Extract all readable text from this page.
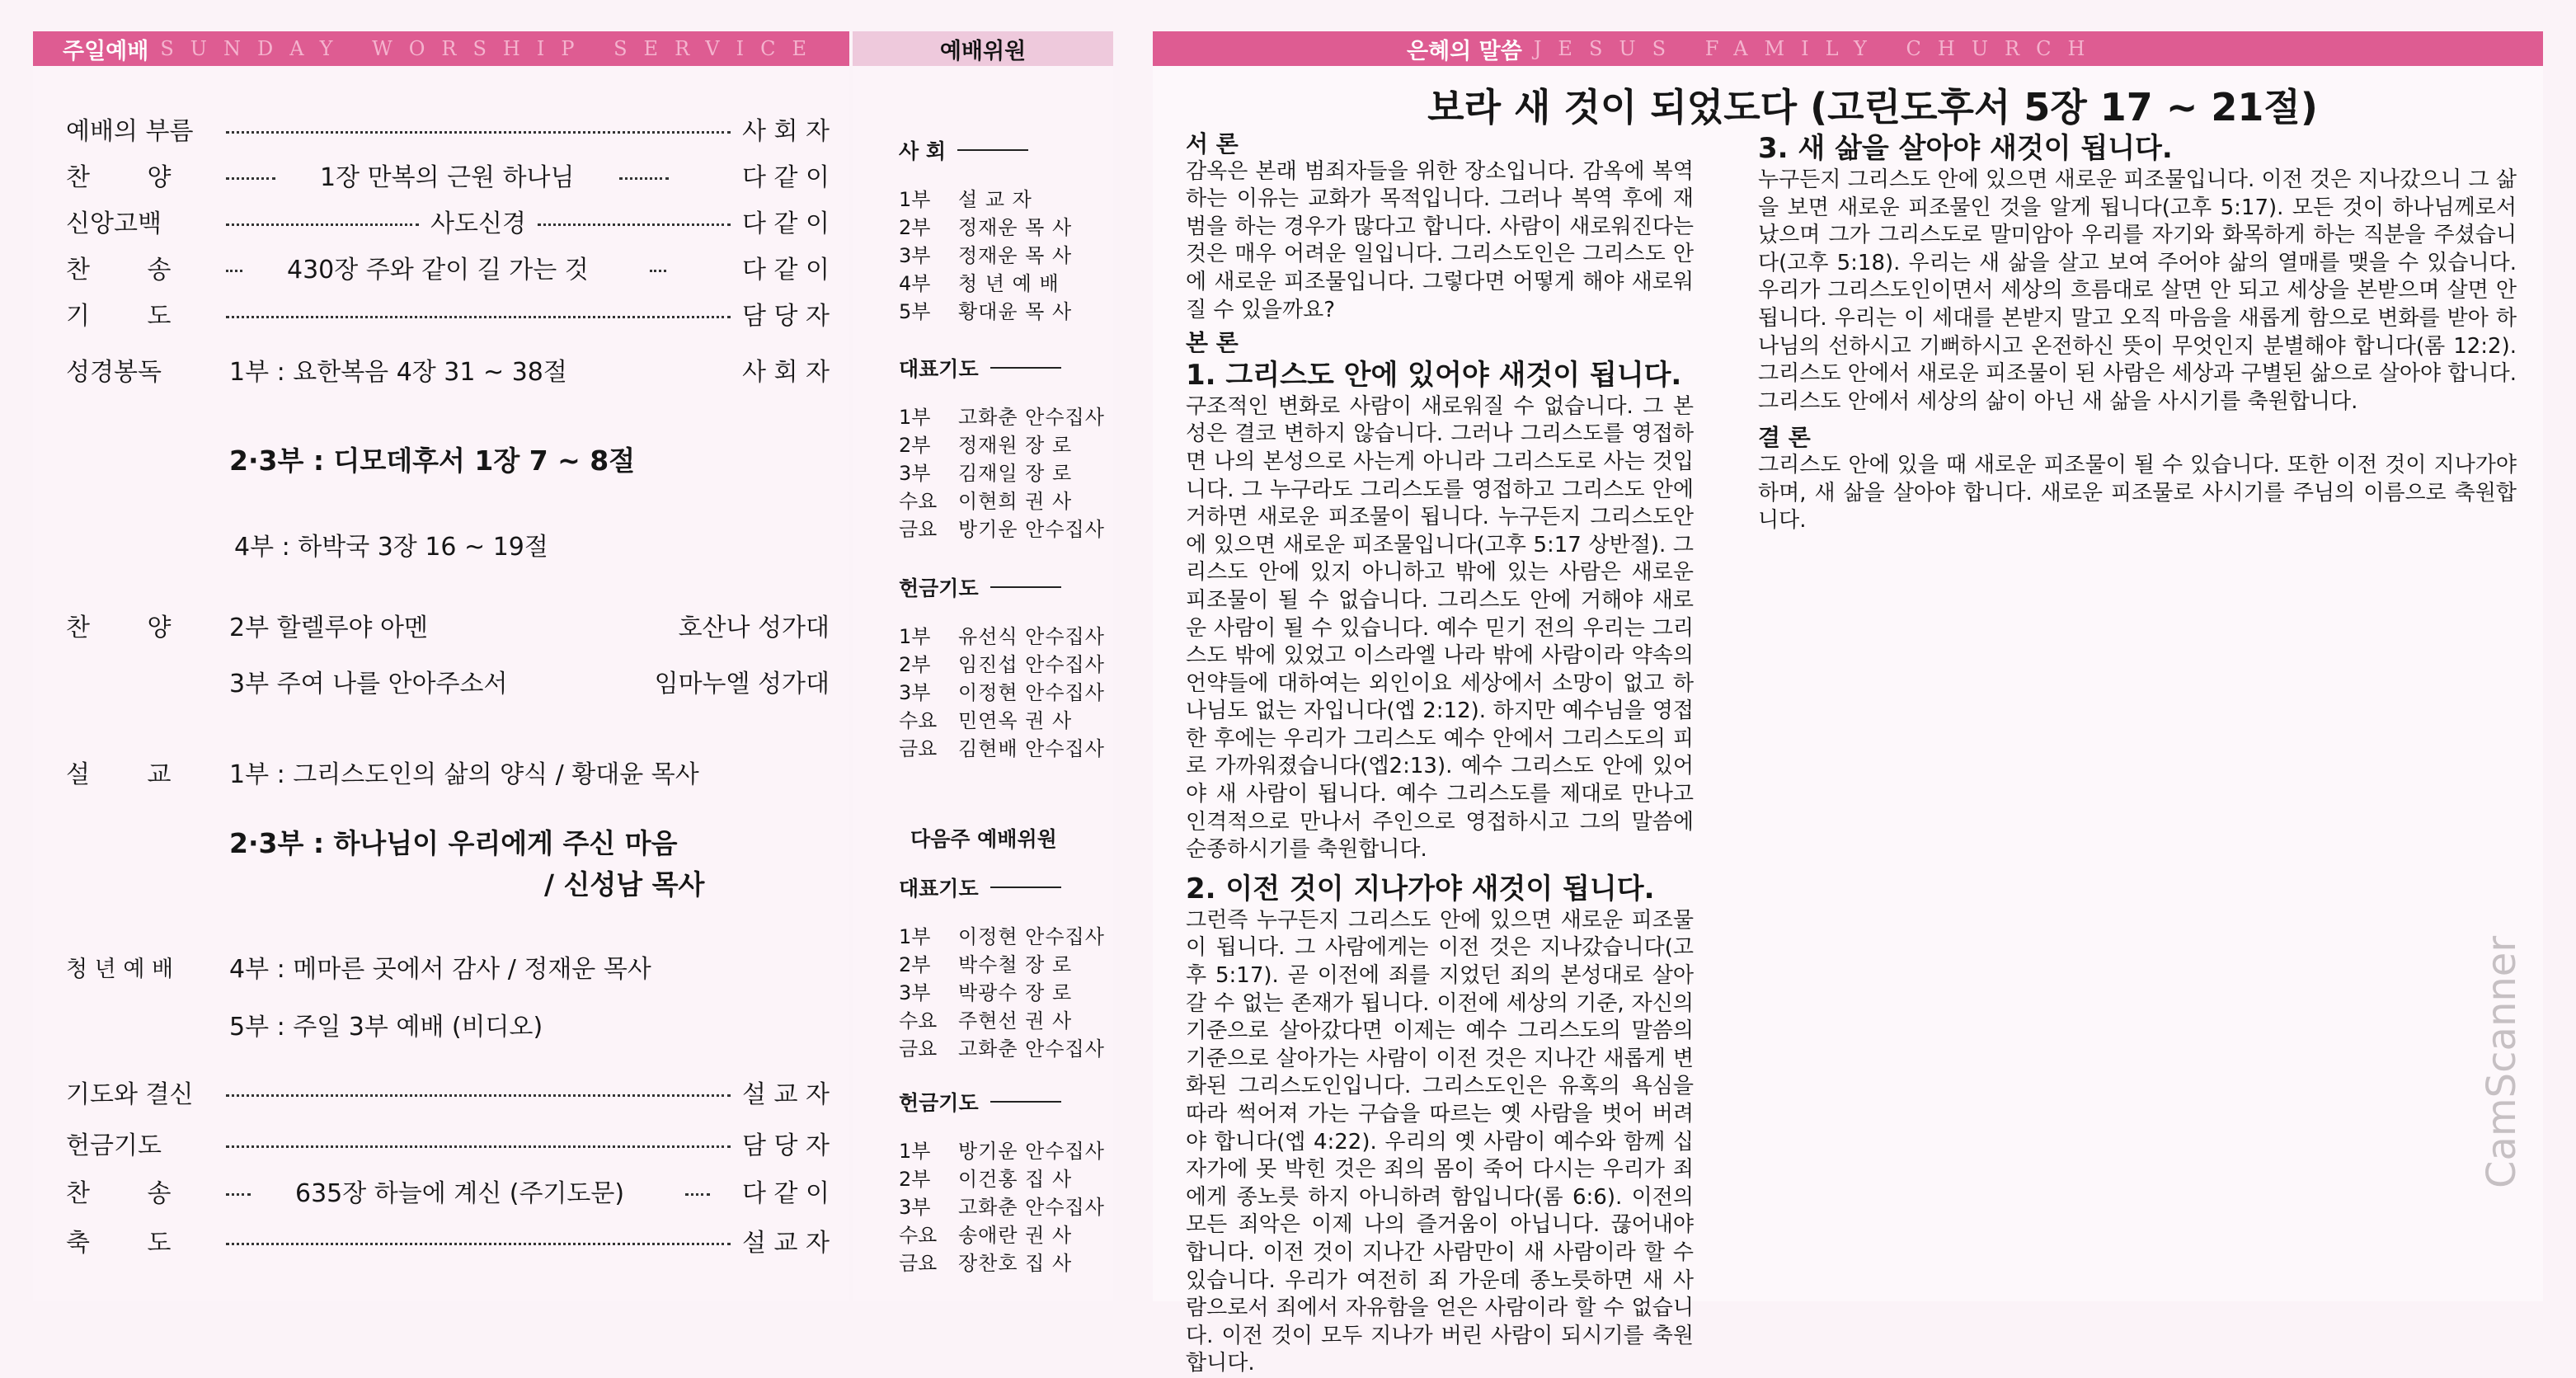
주일예배 SUNDAY WORSHIP SERVICE
예배의 부름	사 회 자
찬 양	1장 만복의 근원 하나님	다 같 이
신앙고백	사도신경	다 같 이
찬 송	430장 주와 같이 길 가는 것	다 같 이
기 도	담 당 자
성경봉독	1부 : 요한복음 4장 31 ~ 38절	사 회 자
2·3부 : 디모데후서 1장 7 ~ 8절
4부 : 하박국 3장 16 ~ 19절
찬 양	2부 할렐루야 아멘	호산나 성가대
3부 주여 나를 안아주소서	임마누엘 성가대
설 교	1부 : 그리스도인의 삶의 양식 / 황대윤 목사
2·3부 : 하나님이 우리에게 주신 마음
/ 신성남 목사
청 년 예 배	4부 : 메마른 곳에서 감사 / 정재운 목사
5부 : 주일 3부 예배 (비디오)
기도와 결신	설 교 자
헌금기도	담 당 자
찬 송	635장 하늘에 계신 (주기도문)	다 같 이
축 도	설 교 자
예배위원
사 회
1부	설 교 자
2부	정재운 목 사
3부	정재운 목 사
4부	청 년 예 배
5부	황대윤 목 사
대표기도
1부	고화춘 안수집사
2부	정재원 장 로
3부	김재일 장 로
수요	이현희 권 사
금요	방기운 안수집사
헌금기도
1부	유선식 안수집사
2부	임진섭 안수집사
3부	이정현 안수집사
수요	민연옥 권 사
금요	김현배 안수집사
다음주 예배위원
대표기도
1부	이정현 안수집사
2부	박수철 장 로
3부	박광수 장 로
수요	주현선 권 사
금요	고화춘 안수집사
헌금기도
1부	방기운 안수집사
2부	이건홍 집 사
3부	고화춘 안수집사
수요	송애란 권 사
금요	장찬호 집 사
은혜의 말씀 JESUS FAMILY CHURCH
보라 새 것이 되었도다 (고린도후서 5장 17 ~ 21절)

서 론

감옥은 본래 범죄자들을 위한 장소입니다. 감옥에 복역하는 이유는 교화가 목적입니다. 그러나 복역 후에 재범을 하는 경우가 많다고 합니다. 사람이 새로워진다는 것은 매우 어려운 일입니다. 그리스도인은 그리스도 안에 새로운 피조물입니다. 그렇다면 어떻게 해야 새로워질 수 있을까요?

본 론

1. 그리스도 안에 있어야 새것이 됩니다.

구조적인 변화로 사람이 새로워질 수 없습니다. 그 본성은 결코 변하지 않습니다. 그러나 그리스도를 영접하면 나의 본성으로 사는게 아니라 그리스도로 사는 것입니다. 그 누구라도 그리스도를 영접하고 그리스도 안에 거하면 새로운 피조물이 됩니다. 누구든지 그리스도안에 있으면 새로운 피조물입니다(고후 5:17 상반절). 그리스도 안에 있지 아니하고 밖에 있는 사람은 새로운 피조물이 될 수 없습니다. 그리스도 안에 거해야 새로운 사람이 될 수 있습니다. 예수 믿기 전의 우리는 그리스도 밖에 있었고 이스라엘 나라 밖에 사람이라 약속의 언약들에 대하여는 외인이요 세상에서 소망이 없고 하나님도 없는 자입니다(엡 2:12). 하지만 예수님을 영접한 후에는 우리가 그리스도 예수 안에서 그리스도의 피로 가까워졌습니다(엡2:13). 예수 그리스도 안에 있어야 새 사람이 됩니다. 예수 그리스도를 제대로 만나고 인격적으로 만나서 주인으로 영접하시고 그의 말씀에 순종하시기를 축원합니다.

2. 이전 것이 지나가야 새것이 됩니다.

그런즉 누구든지 그리스도 안에 있으면 새로운 피조물이 됩니다. 그 사람에게는 이전 것은 지나갔습니다(고후 5:17). 곧 이전에 죄를 지었던 죄의 본성대로 살아갈 수 없는 존재가 됩니다. 이전에 세상의 기준, 자신의 기준으로 살아갔다면 이제는 예수 그리스도의 말씀의 기준으로 살아가는 사람이 이전 것은 지나간 새롭게 변화된 그리스도인입니다. 그리스도인은 유혹의 욕심을 따라 썩어져 가는 구습을 따르는 옛 사람을 벗어 버려야 합니다(엡 4:22). 우리의 옛 사람이 예수와 함께 십자가에 못 박힌 것은 죄의 몸이 죽어 다시는 우리가 죄에게 종노릇 하지 아니하려 함입니다(롬 6:6). 이전의 모든 죄악은 이제 나의 즐거움이 아닙니다. 끊어내야 합니다. 이전 것이 지나간 사람만이 새 사람이라 할 수 있습니다. 우리가 여전히 죄 가운데 종노릇하면 새 사람으로서 죄에서 자유함을 얻은 사람이라 할 수 없습니다. 이전 것이 모두 지나가 버린 사람이 되시기를 축원합니다.

3. 새 삶을 살아야 새것이 됩니다.

누구든지 그리스도 안에 있으면 새로운 피조물입니다. 이전 것은 지나갔으니 그 삶을 보면 새로운 피조물인 것을 알게 됩니다(고후 5:17). 모든 것이 하나님께로서 났으며 그가 그리스도로 말미암아 우리를 자기와 화목하게 하는 직분을 주셨습니다(고후 5:18). 우리는 새 삶을 살고 보여 주어야 삶의 열매를 맺을 수 있습니다. 우리가 그리스도인이면서 세상의 흐름대로 살면 안 되고 세상을 본받으며 살면 안 됩니다. 우리는 이 세대를 본받지 말고 오직 마음을 새롭게 함으로 변화를 받아 하나님의 선하시고 기뻐하시고 온전하신 뜻이 무엇인지 분별해야 합니다(롬 12:2). 그리스도 안에서 새로운 피조물이 된 사람은 세상과 구별된 삶으로 살아야 합니다. 그리스도 안에서 세상의 삶이 아닌 새 삶을 사시기를 축원합니다.

결 론

그리스도 안에 있을 때 새로운 피조물이 될 수 있습니다. 또한 이전 것이 지나가야 하며, 새 삶을 살아야 합니다. 새로운 피조물로 사시기를 주님의 이름으로 축원합니다.

CamScanner
